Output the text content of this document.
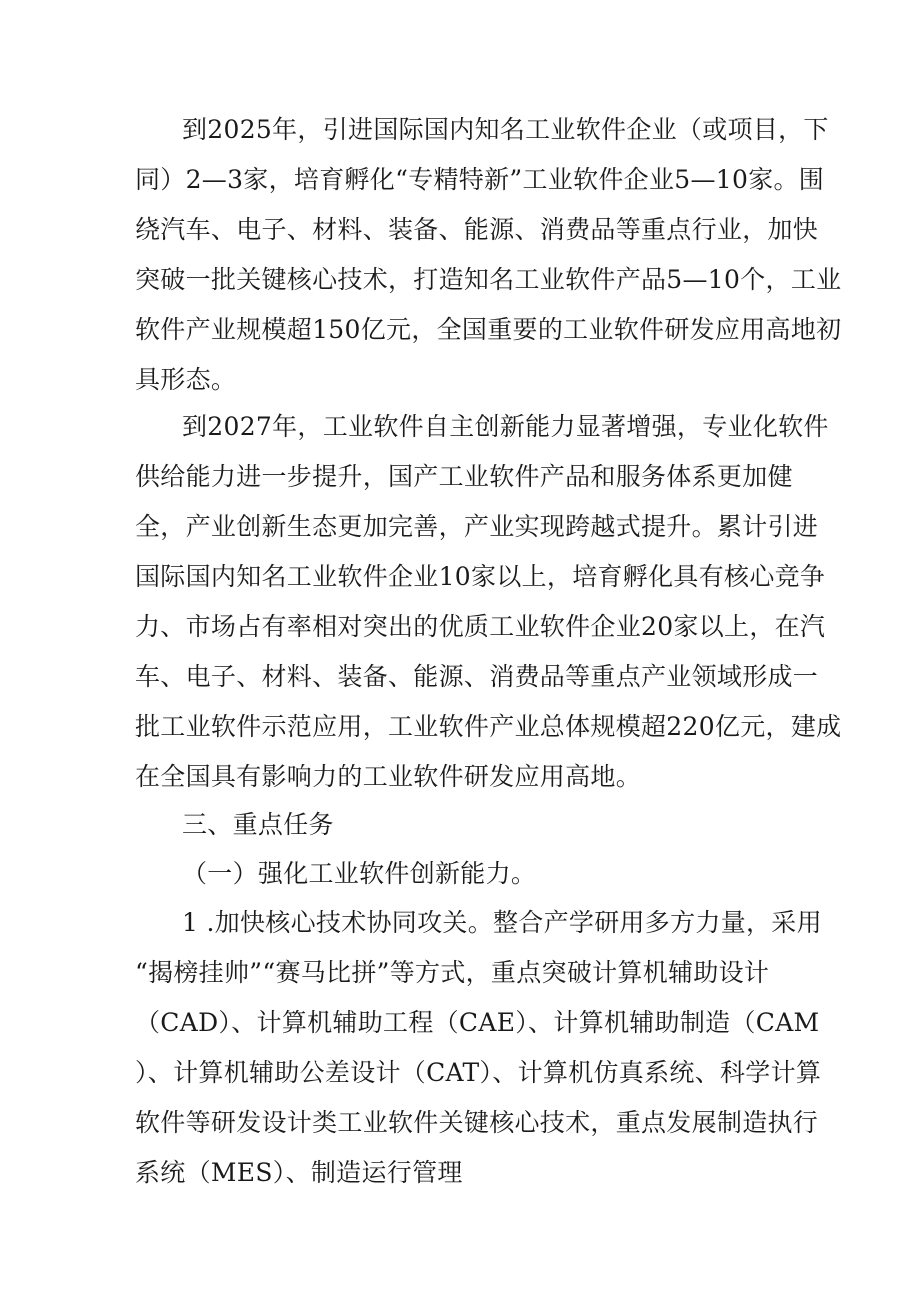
到2025年，引进国际国内知名工业软件企业（或项目，下
同）2—3家，培育孵化“专精特新”工业软件企业5—10家。围
绕汽车、电子、材料、装备、能源、消费品等重点行业，加快
突破一批关键核心技术，打造知名工业软件产品5—10个，工业
软件产业规模超150亿元，全国重要的工业软件研发应用高地初
具形态。
到2027年，工业软件自主创新能力显著增强，专业化软件
供给能力进一步提升，国产工业软件产品和服务体系更加健
全，产业创新生态更加完善，产业实现跨越式提升。累计引进
国际国内知名工业软件企业10家以上，培育孵化具有核心竞争
力、市场占有率相对突出的优质工业软件企业20家以上，在汽
车、电子、材料、装备、能源、消费品等重点产业领域形成一
批工业软件示范应用，工业软件产业总体规模超220亿元，建成
在全国具有影响力的工业软件研发应用高地。
三、重点任务
（一）强化工业软件创新能力。
1 .加快核心技术协同攻关。整合产学研用多方力量，采用
“揭榜挂帅”“赛马比拼”等方式，重点突破计算机辅助设计
（CAD）、计算机辅助工程（CAE）、计算机辅助制造（CAM
）、计算机辅助公差设计（CAT）、计算机仿真系统、科学计算
软件等研发设计类工业软件关键核心技术，重点发展制造执行
系统（MES）、制造运行管理
